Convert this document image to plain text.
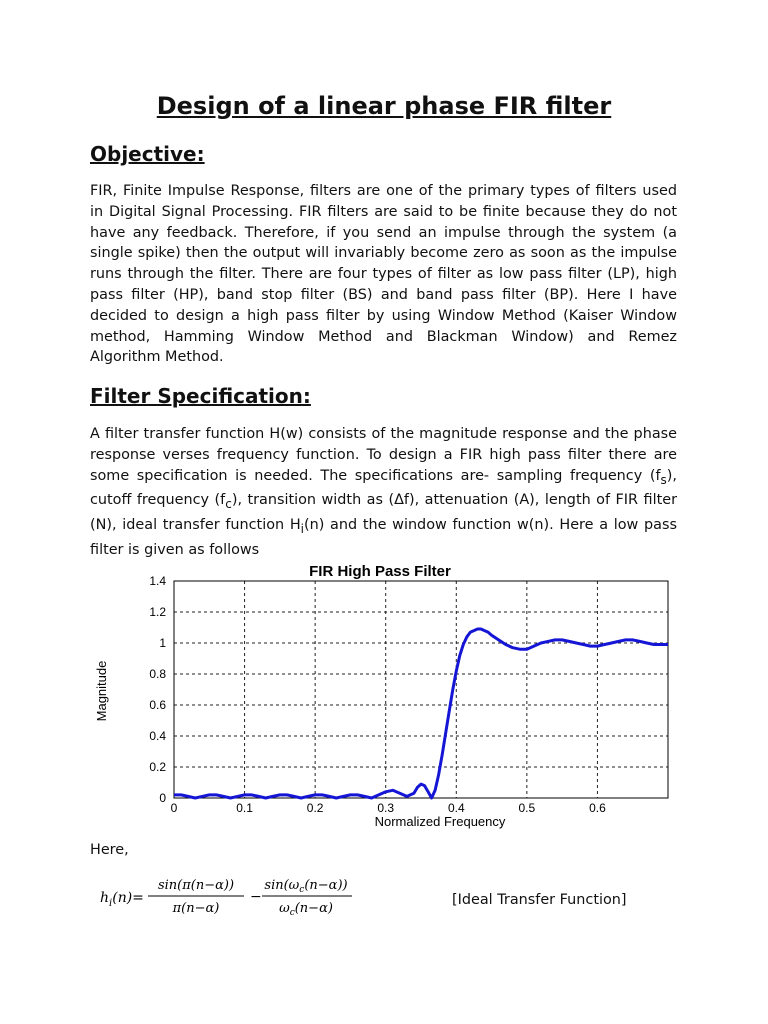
Design of a linear phase FIR filter
Objective:

FIR, Finite Impulse Response, filters are one of the primary types of filters used in Digital Signal Processing. FIR filters are said to be finite because they do not have any feedback. Therefore, if you send an impulse through the system (a single spike) then the output will invariably become zero as soon as the impulse runs through the filter. There are four types of filter as low pass filter (LP), high pass filter (HP), band stop filter (BS) and band pass filter (BP). Here I have decided to design a high pass filter by using Window Method (Kaiser Window method, Hamming Window Method and Blackman Window) and Remez Algorithm Method.

Filter Specification:

A filter transfer function H(w) consists of the magnitude response and the phase response verses frequency function. To design a FIR high pass filter there are some specification is needed. The specifications are- sampling frequency $(f_s)$, cutoff frequency $(f_c)$, transition width as (Δf), attenuation (A), length of FIR filter (N), ideal transfer function $H_i(n)$ and the window function w(n). Here a low pass filter is given as follows

FIR High Pass Filter
Magnitude
Normalized Frequency
0
0.2
0.4
0.6
0.8
1
1.2
1.4
0	0.1	0.2	0.3	0.4	0.5	0.6

Here,

$h_i(n)=$
sin(π(n−α))
π(n−α)
−
$\sin(\omega_c(n-\alpha))$
$\omega_c(n-\alpha)$

[Ideal Transfer Function]
